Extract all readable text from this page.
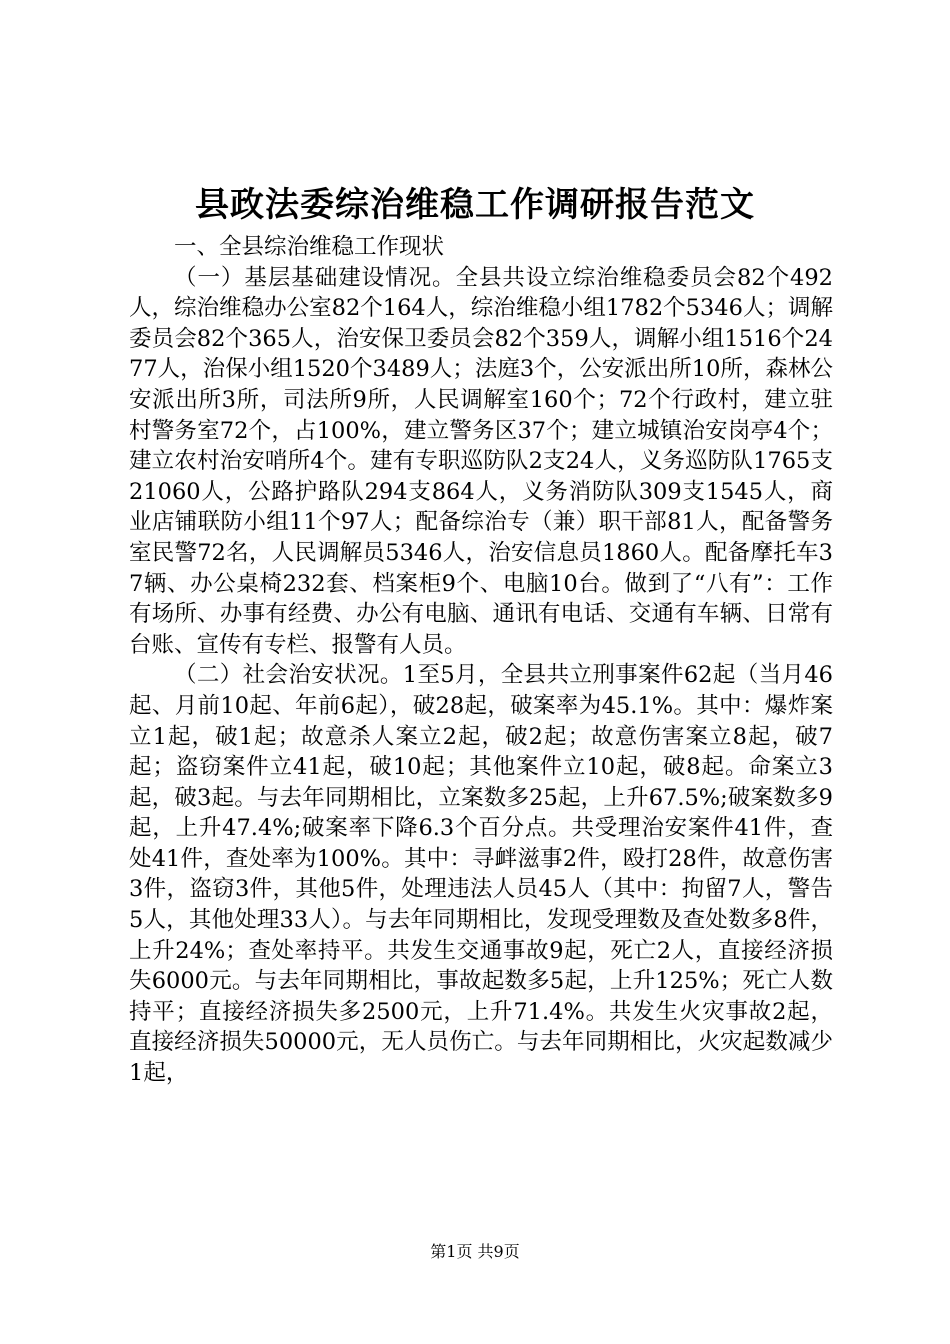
县政法委综治维稳工作调研报告范文

一、全县综治维稳工作现状

（一）基层基础建设情况。全县共设立综治维稳委员会82个492人，综治维稳办公室82个164人，综治维稳小组1782个5346人；调解委员会82个365人，治安保卫委员会82个359人，调解小组1516个2477人，治保小组1520个3489人；法庭3个，公安派出所10所，森林公安派出所3所，司法所9所，人民调解室160个；72个行政村，建立驻村警务室72个，占100%，建立警务区37个；建立城镇治安岗亭4个；建立农村治安哨所4个。建有专职巡防队2支24人，义务巡防队1765支21060人，公路护路队294支864人，义务消防队309支1545人，商业店铺联防小组11个97人；配备综治专（兼）职干部81人，配备警务室民警72名，人民调解员5346人，治安信息员1860人。配备摩托车37辆、办公桌椅232套、档案柜9个、电脑10台。做到了“八有”：工作有场所、办事有经费、办公有电脑、通讯有电话、交通有车辆、日常有台账、宣传有专栏、报警有人员。

（二）社会治安状况。1至5月，全县共立刑事案件62起（当月46起、月前10起、年前6起），破28起，破案率为45.1%。其中：爆炸案立1起，破1起；故意杀人案立2起，破2起；故意伤害案立8起，破7起；盗窃案件立41起，破10起；其他案件立10起，破8起。命案立3起，破3起。与去年同期相比，立案数多25起，上升67.5%;破案数多9起，上升47.4%;破案率下降6.3个百分点。共受理治安案件41件，查处41件，查处率为100%。其中：寻衅滋事2件，殴打28件，故意伤害3件，盗窃3件，其他5件，处理违法人员45人（其中：拘留7人，警告5人，其他处理33人）。与去年同期相比，发现受理数及查处数多8件，上升24%；查处率持平。共发生交通事故9起，死亡2人，直接经济损失6000元。与去年同期相比，事故起数多5起，上升125%；死亡人数持平；直接经济损失多2500元，上升71.4%。共发生火灾事故2起，直接经济损失50000元，无人员伤亡。与去年同期相比，火灾起数减少1起，

第1页 共9页
